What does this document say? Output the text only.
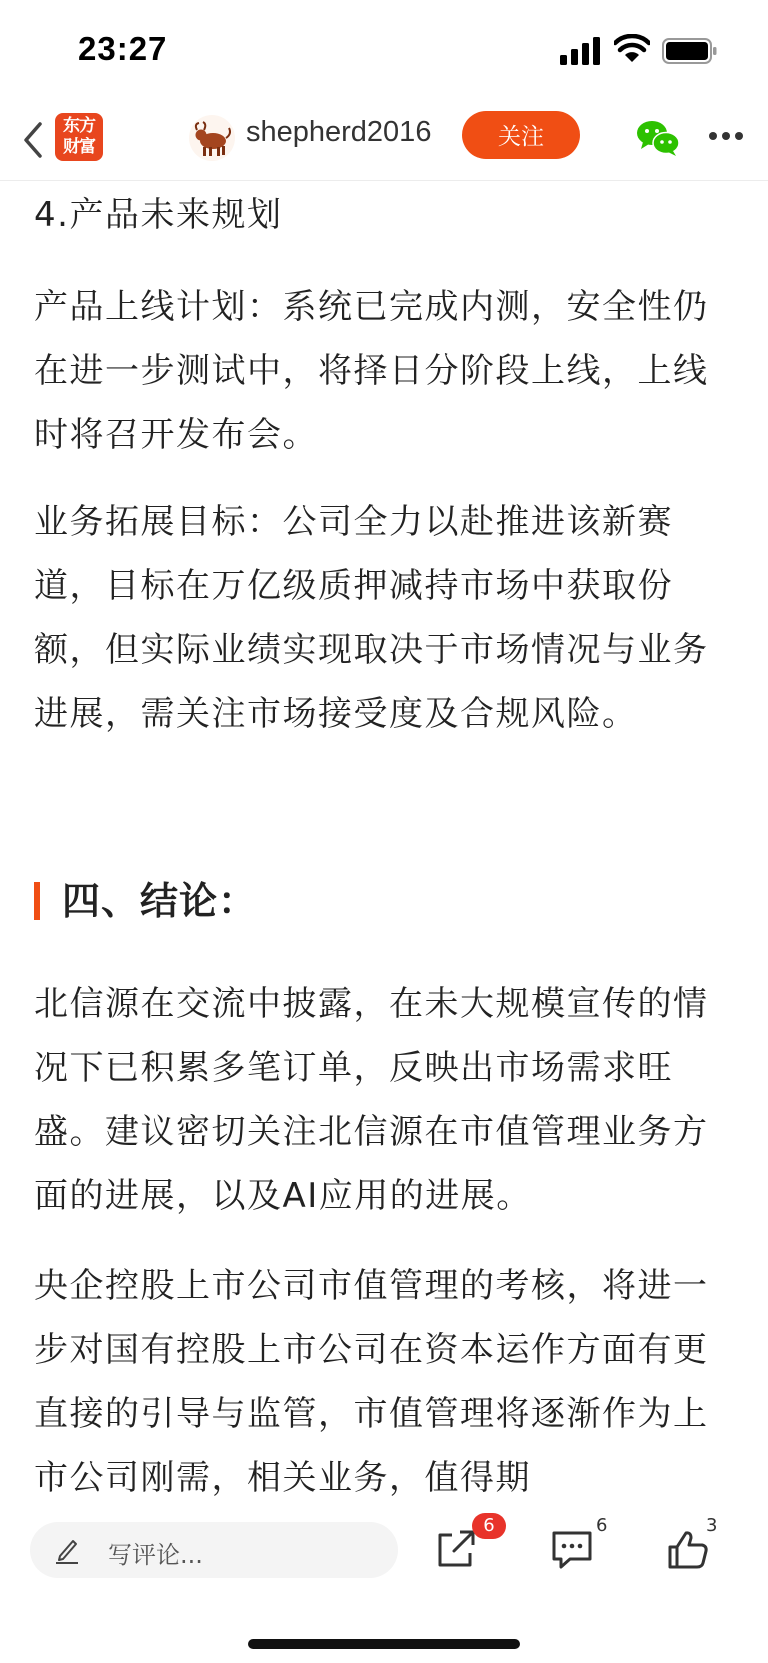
23:27
东方
财富	shepherd2016	关注

4.产品未来规划

产品上线计划：系统已完成内测，安全性仍在进一步测试中，将择日分阶段上线，上线时将召开发布会。

业务拓展目标：公司全力以赴推进该新赛道，目标在万亿级质押减持市场中获取份额，但实际业绩实现取决于市场情况与业务进展，需关注市场接受度及合规风险。

四、结论：

北信源在交流中披露，在未大规模宣传的情况下已积累多笔订单，反映出市场需求旺盛。建议密切关注北信源在市值管理业务方面的进展，以及AI应用的进展。

央企控股上市公司市值管理的考核，将进一步对国有控股上市公司在资本运作方面有更直接的引导与监管，市值管理将逐渐作为上市公司刚需，相关业务，值得期

写评论...
6	6	3
